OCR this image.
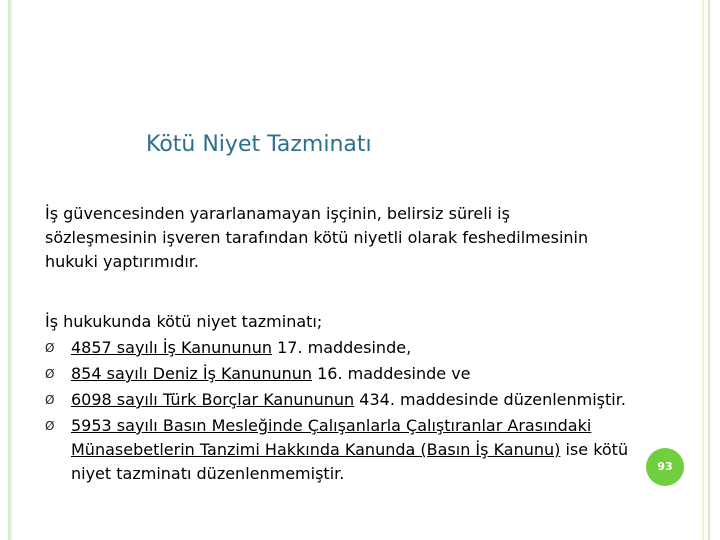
Kötü Niyet Tazminatı
İş güvencesinden yararlanamayan işçinin, belirsiz süreli iş sözleşmesinin işveren tarafından kötü niyetli olarak feshedilmesinin hukuki yaptırımıdır.
İş hukukunda kötü niyet tazminatı;
Ø 4857 sayılı İş Kanununun 17. maddesinde,
Ø 854 sayılı Deniz İş Kanununun 16. maddesinde ve
Ø 6098 sayılı Türk Borçlar Kanununun 434. maddesinde düzenlenmiştir.
Ø 5953 sayılı Basın Mesleğinde Çalışanlarla Çalıştıranlar Arasındaki Münasebetlerin Tanzimi Hakkında Kanunda (Basın İş Kanunu) ise kötü niyet tazminatı düzenlenmemiştir.	93
